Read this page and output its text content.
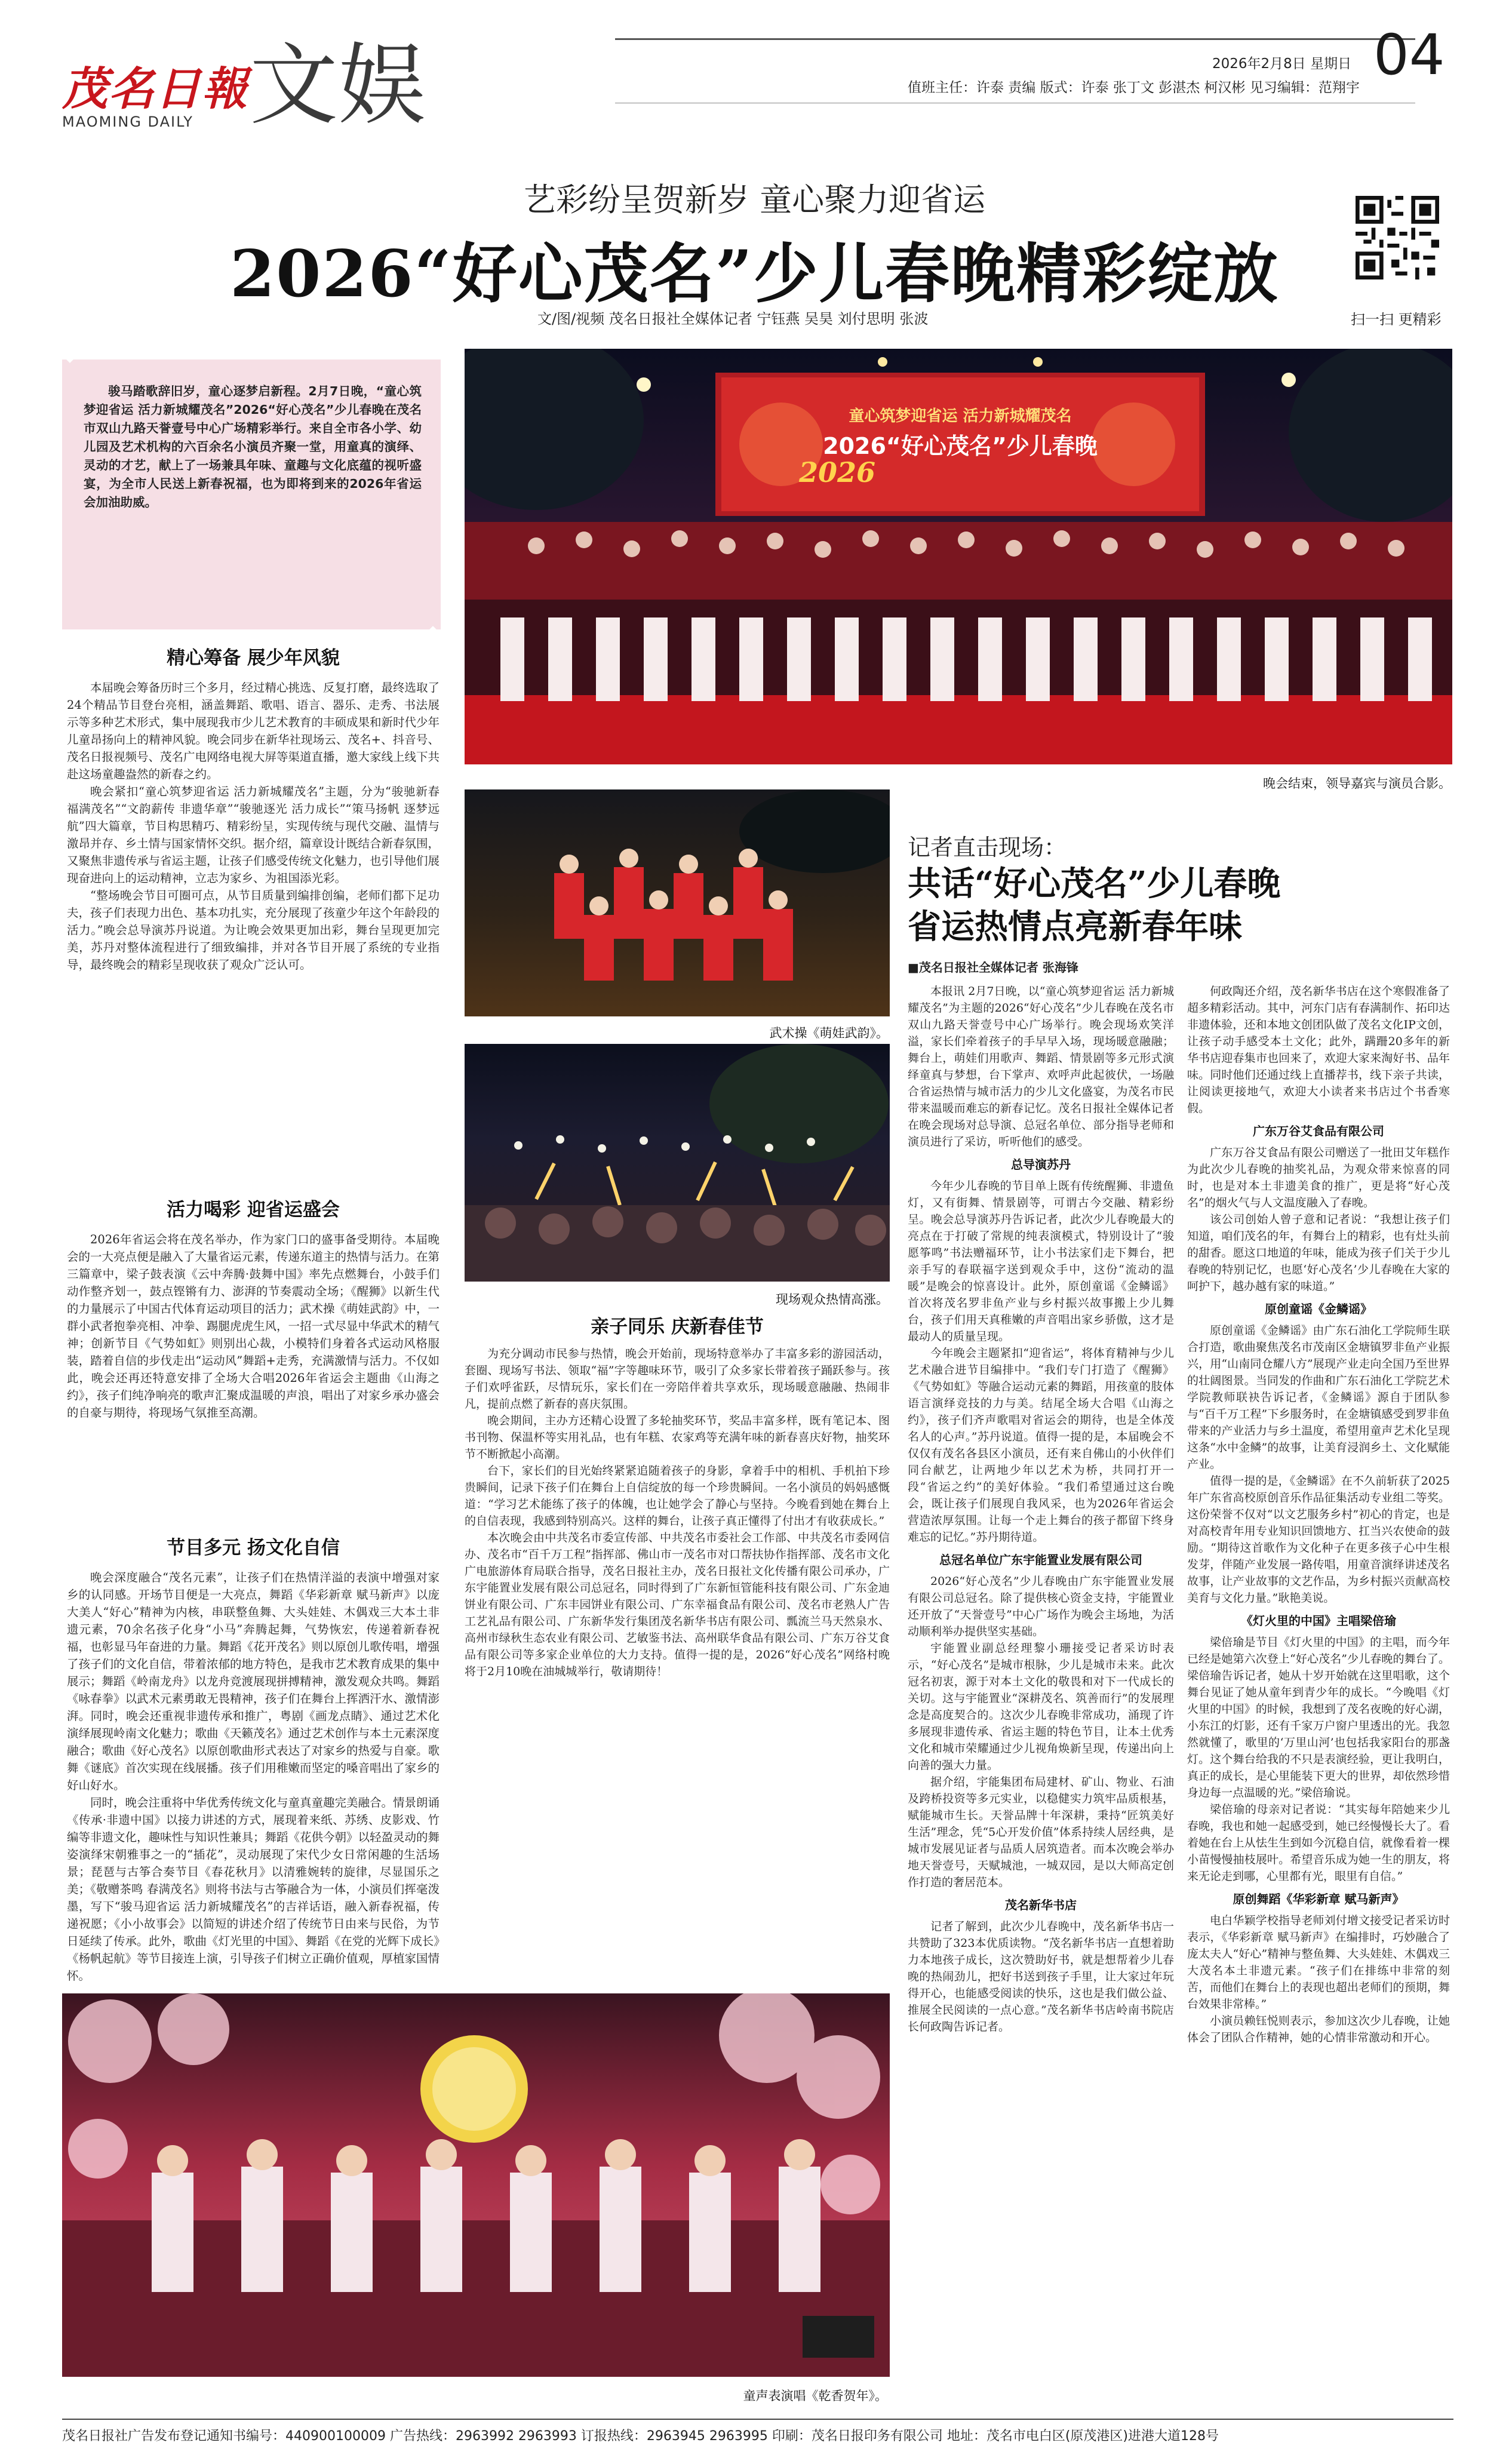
茂名日報
MAOMING DAILY 文娱	2026年2月8日 星期日 04
值班主任：许泰 责编 版式：许泰 张丁文 彭湛杰 柯汉彬 见习编辑：范翔宇
艺彩纷呈贺新岁 童心聚力迎省运
2026“好心茂名”少儿春晚精彩绽放
文/图/视频 茂名日报社全媒体记者 宁钰燕 吴昊 刘付思明 张波	扫一扫 更精彩
骏马踏歌辞旧岁，童心逐梦启新程。2月7日晚，“童心筑梦迎省运 活力新城耀茂名”2026“好心茂名”少儿春晚在茂名市双山九路天誉壹号中心广场精彩举行。来自全市各小学、幼儿园及艺术机构的六百余名小演员齐聚一堂，用童真的演绎、灵动的才艺，献上了一场兼具年味、童趣与文化底蕴的视听盛宴，为全市人民送上新春祝福，也为即将到来的2026年省运会加油助威。
精心筹备 展少年风貌

本届晚会筹备历时三个多月，经过精心挑选、反复打磨，最终选取了24个精品节目登台亮相，涵盖舞蹈、歌唱、语言、器乐、走秀、书法展示等多种艺术形式，集中展现我市少儿艺术教育的丰硕成果和新时代少年儿童昂扬向上的精神风貌。晚会同步在新华社现场云、茂名+、抖音号、茂名日报视频号、茂名广电网络电视大屏等渠道直播，邀大家线上线下共赴这场童趣盎然的新春之约。

晚会紧扣“童心筑梦迎省运 活力新城耀茂名”主题，分为“骏驰新春 福满茂名”“文韵薪传 非遗华章”“骏驰逐光 活力成长”“策马扬帆 逐梦远航”四大篇章，节目构思精巧、精彩纷呈，实现传统与现代交融、温情与激昂并存、乡土情与国家情怀交织。据介绍，篇章设计既结合新春氛围，又聚焦非遗传承与省运主题，让孩子们感受传统文化魅力，也引导他们展现奋进向上的运动精神，立志为家乡、为祖国添光彩。

“整场晚会节目可圈可点，从节目质量到编排创编，老师们都下足功夫，孩子们表现力出色、基本功扎实，充分展现了孩童少年这个年龄段的活力。”晚会总导演苏丹说道。为让晚会效果更加出彩，舞台呈现更加完美，苏丹对整体流程进行了细致编排，并对各节目开展了系统的专业指导，最终晚会的精彩呈现收获了观众广泛认可。

活力喝彩 迎省运盛会

2026年省运会将在茂名举办，作为家门口的盛事备受期待。本届晚会的一大亮点便是融入了大量省运元素，传递东道主的热情与活力。在第三篇章中，梁子鼓表演《云中奔腾·鼓舞中国》率先点燃舞台，小鼓手们动作整齐划一，鼓点铿锵有力、澎湃的节奏震动全场；《醒狮》以新生代的力量展示了中国古代体育运动项目的活力；武术操《萌娃武韵》中，一群小武者抱拳亮相、冲拳、踢腿虎虎生风，一招一式尽显中华武术的精气神；创新节目《气势如虹》则别出心裁，小模特们身着各式运动风格服装，踏着自信的步伐走出“运动风”舞蹈+走秀，充满激情与活力。不仅如此，晚会还再还特意安排了全场大合唱2026年省运会主题曲《山海之约》，孩子们纯净响亮的歌声汇聚成温暖的声浪，唱出了对家乡承办盛会的自豪与期待，将现场气氛推至高潮。

节目多元 扬文化自信

晚会深度融合“茂名元素”，让孩子们在热情洋溢的表演中增强对家乡的认同感。开场节目便是一大亮点，舞蹈《华彩新章 赋马新声》以庞大美人“好心”精神为内核，串联整鱼舞、大头娃娃、木偶戏三大本土非遗元素，70余名孩子化身“小马”奔腾起舞，气势恢宏，传递着新春祝福，也彰显马年奋进的力量。舞蹈《花开茂名》则以原创儿歌传唱，增强了孩子们的文化自信，带着浓郁的地方特色，是我市艺术教育成果的集中展示；舞蹈《岭南龙舟》以龙舟竞渡展现拼搏精神，激发观众共鸣。舞蹈《咏春拳》以武术元素勇敢无畏精神，孩子们在舞台上挥洒汗水、激情澎湃。同时，晚会还重视非遗传承和推广，粤剧《画龙点睛》、通过艺术化演绎展现岭南文化魅力；歌曲《天籁茂名》通过艺术创作与本土元素深度融合；歌曲《好心茂名》以原创歌曲形式表达了对家乡的热爱与自豪。歌舞《谜底》首次实现在线展播。孩子们用稚嫩而坚定的嗓音唱出了家乡的好山好水。

同时，晚会注重将中华优秀传统文化与童真童趣完美融合。情景朗诵《传承·非遗中国》以接力讲述的方式，展现着来纸、苏绣、皮影戏、竹编等非遗文化，趣味性与知识性兼具；舞蹈《花供今朝》以轻盈灵动的舞姿演绎宋朝雅事之一的“插花”，灵动展现了宋代少女日常闲趣的生活场景；琵琶与古筝合奏节目《春花秋月》以清雅婉转的旋律，尽显国乐之美；《敬赠茶鸣 春满茂名》则将书法与古筝融合为一体，小演员们挥毫泼墨，写下“骏马迎省运 活力新城耀茂名”的吉祥话语，融入新春祝福，传递祝愿；《小小故事会》以简短的讲述介绍了传统节日由来与民俗，为节日延续了传承。此外，歌曲《灯光里的中国》、舞蹈《在党的光辉下成长》《杨帆起航》等节目接连上演，引导孩子们树立正确价值观，厚植家国情怀。

童心筑梦迎省运 活力新城耀茂名
2026“好心茂名”少儿春晚
2026
晚会结束，领导嘉宾与演员合影。
武术操《萌娃武韵》。
现场观众热情高涨。
记者直击现场：
共话“好心茂名”少儿春晚
省运热情点亮新春年味
■茂名日报社全媒体记者 张海锋

本报讯 2月7日晚，以“童心筑梦迎省运 活力新城耀茂名”为主题的2026“好心茂名”少儿春晚在茂名市双山九路天誉壹号中心广场举行。晚会现场欢笑洋溢，家长们牵着孩子的手早早入场，现场暖意融融；舞台上，萌娃们用歌声、舞蹈、情景剧等多元形式演绎童真与梦想，台下掌声、欢呼声此起彼伏，一场融合省运热情与城市活力的少儿文化盛宴，为茂名市民带来温暖而难忘的新春记忆。茂名日报社全媒体记者在晚会现场对总导演、总冠名单位、部分指导老师和演员进行了采访，听听他们的感受。

总导演苏丹

今年少儿春晚的节目单上既有传统醒狮、非遗鱼灯，又有街舞、情景剧等，可谓古今交融、精彩纷呈。晚会总导演苏丹告诉记者，此次少儿春晚最大的亮点在于打破了常规的纯表演模式，特别设计了“骏愿筝鸣”书法赠福环节，让小书法家们走下舞台，把亲手写的春联福字送到观众手中，这份“流动的温暖”是晚会的惊喜设计。此外，原创童谣《金鳞谣》首次将茂名罗非鱼产业与乡村振兴故事搬上少儿舞台，孩子们用天真稚嫩的声音唱出家乡骄傲，这才是最动人的质量呈现。

今年晚会主题紧扣“迎省运”，将体育精神与少儿艺术融合进节目编排中。“我们专门打造了《醒狮》《气势如虹》等融合运动元素的舞蹈，用孩童的肢体语言演绎竞技的力与美。结尾全场大合唱《山海之约》，孩子们齐声歌唱对省运会的期待，也是全体茂名人的心声。”苏丹说道。值得一提的是，本届晚会不仅仅有茂名各县区小演员，还有来自佛山的小伙伴们同台献艺，让两地少年以艺术为桥，共同打开一段“省运之约”的美好体验。“我们希望通过这台晚会，既让孩子们展现自我风采，也为2026年省运会营造浓厚氛围。让每一个走上舞台的孩子都留下终身难忘的记忆。”苏丹期待道。

总冠名单位广东宇能置业发展有限公司

2026“好心茂名”少儿春晚由广东宇能置业发展有限公司总冠名。除了提供核心资金支持，宇能置业还开放了“天誉壹号”中心广场作为晚会主场地，为活动顺利举办提供坚实基础。

宇能置业副总经理黎小珊接受记者采访时表示，“好心茂名”是城市根脉，少儿是城市未来。此次冠名初衷，源于对本土文化的敬畏和对下一代成长的关切。这与宇能置业“深耕茂名、筑善而行”的发展理念是高度契合的。这次少儿春晚非常成功，涌现了许多展现非遗传承、省运主题的特色节目，让本土优秀文化和城市荣耀通过少儿视角焕新呈现，传递出向上向善的强大力量。

据介绍，宇能集团布局建材、矿山、物业、石油及跨桥投资等多元实业，以稳健实力筑牢品质根基，赋能城市生长。天誉品牌十年深耕，秉持“匠筑美好生活”理念，凭“5心开发价值”体系持续人居经典，是城市发展见证者与品质人居筑造者。而本次晚会举办地天誉壹号，天赋城池，一城双园，是以大师高定创作打造的奢居范本。

茂名新华书店

记者了解到，此次少儿春晚中，茂名新华书店一共赞助了323本优质读物。“茂名新华书店一直想着助力本地孩子成长，这次赞助好书，就是想帮着少儿春晚的热闹劲儿，把好书送到孩子手里，让大家过年玩得开心，也能感受阅读的快乐，这也是我们做公益、推展全民阅读的一点心意。”茂名新华书店岭南书院店长何政陶告诉记者。

何政陶还介绍，茂名新华书店在这个寒假准备了超多精彩活动。其中，河东门店有春满制作、拓印达非遗体验，还和本地文创团队做了茂名文化IP文创，让孩子动手感受本土文化；此外，蹒跚20多年的新华书店迎春集市也回来了，欢迎大家来淘好书、品年味。同时他们还通过线上直播荐书，线下亲子共读，让阅读更接地气，欢迎大小读者来书店过个书香寒假。

广东万谷艾食品有限公司

广东万谷艾食品有限公司赠送了一批田艾年糕作为此次少儿春晚的抽奖礼品，为观众带来惊喜的同时，也是对本土非遗美食的推广，更是将“好心茂名”的烟火气与人文温度融入了春晚。

该公司创始人曾子意和记者说：“我想让孩子们知道，咱们茂名的年，有舞台上的精彩，也有灶头前的甜香。愿这口地道的年味，能成为孩子们关于少儿春晚的特别记忆，也愿‘好心茂名’少儿春晚在大家的呵护下，越办越有家的味道。”

原创童谣《金鳞谣》

原创童谣《金鳞谣》由广东石油化工学院师生联合打造，歌曲聚焦茂名市茂南区金塘镇罗非鱼产业振兴，用“山南同仓耀八方”展现产业走向全国乃至世界的壮阔图景。当同发的作曲和广东石油化工学院艺术学院教师联袂告诉记者，《金鳞谣》源自于团队参与“百千万工程”下乡服务时，在金塘镇感受到罗非鱼带来的产业活力与乡土温度，希望用童声艺术化呈现这条“水中金鳞”的故事，让美育浸润乡土、文化赋能产业。

值得一提的是，《金鳞谣》在不久前斩获了2025年广东省高校原创音乐作品征集活动专业组二等奖。这份荣誉不仅对“以文艺服务乡村”初心的肯定，也是对高校青年用专业知识回馈地方、扛当兴农使命的鼓励。“期待这首歌作为文化种子在更多孩子心中生根发芽，伴随产业发展一路传唱，用童音演绎讲述茂名故事，让产业故事的文艺作品，为乡村振兴贡献高校美育与文化力量。”耿艳美说。

《灯火里的中国》主唱梁倍瑜

梁倍瑜是节目《灯火里的中国》的主唱，而今年已经是她第六次登上“好心茂名”少儿春晚的舞台了。梁倍瑜告诉记者，她从十岁开始就在这里唱歌，这个舞台见证了她从童年到青少年的成长。“今晚唱《灯火里的中国》的时候，我想到了茂名夜晚的好心湖，小东江的灯影，还有千家万户窗户里透出的光。我忽然就懂了，歌里的‘万里山河’也包括我家阳台的那盏灯。这个舞台给我的不只是表演经验，更让我明白，真正的成长，是心里能装下更大的世界，却依然珍惜身边每一点温暖的光。”梁倍瑜说。

梁倍瑜的母亲对记者说：“其实每年陪她来少儿春晚，我也和她一起感受到，她已经慢慢长大了。看着她在台上从怯生生到如今沉稳自信，就像看着一棵小苗慢慢抽枝展叶。希望音乐成为她一生的朋友，将来无论走到哪，心里都有光，眼里有自信。”

原创舞蹈《华彩新章 赋马新声》

电白华颖学校指导老师刘付增文接受记者采访时表示，《华彩新章 赋马新声》在编排时，巧妙融合了庞太夫人“好心”精神与整鱼舞、大头娃娃、木偶戏三大茂名本土非遗元素。“孩子们在排练中非常的刻苦，而他们在舞台上的表现也超出老师们的预期，舞台效果非常棒。”

小演员赖钰悦则表示，参加这次少儿春晚，让她体会了团队合作精神，她的心情非常激动和开心。

亲子同乐 庆新春佳节

为充分调动市民参与热情，晚会开始前，现场特意举办了丰富多彩的游园活动，套圈、现场写书法、领取“福”字等趣味环节，吸引了众多家长带着孩子踊跃参与。孩子们欢呼雀跃，尽情玩乐，家长们在一旁陪伴着共享欢乐，现场暖意融融、热闹非凡，提前点燃了新春的喜庆氛围。

晚会期间，主办方还精心设置了多轮抽奖环节，奖品丰富多样，既有笔记本、图书刊物、保温杯等实用礼品，也有年糕、农家鸡等充满年味的新春喜庆好物，抽奖环节不断掀起小高潮。

台下，家长们的目光始终紧紧追随着孩子的身影，拿着手中的相机、手机拍下珍贵瞬间，记录下孩子们在舞台上自信绽放的每一个珍贵瞬间。一名小演员的妈妈感慨道：“学习艺术能练了孩子的体魄，也让她学会了静心与坚持。今晚看到她在舞台上的自信表现，我感到特别高兴。这样的舞台，让孩子真正懂得了付出才有收获成长。”

本次晚会由中共茂名市委宣传部、中共茂名市委社会工作部、中共茂名市委网信办、茂名市“百千万工程”指挥部、佛山市一茂名市对口帮扶协作指挥部、茂名市文化广电旅游体育局联合指导，茂名日报社主办，茂名日报社文化传播有限公司承办，广东宇能置业发展有限公司总冠名，同时得到了广东新恒管能科技有限公司、广东金迪饼业有限公司、广东丰园饼业有限公司、广东幸福食品有限公司、茂名市老熟人广告工艺礼品有限公司、广东新华发行集团茂名新华书店有限公司、瓢流兰马天然泉水、高州市绿秋生态农业有限公司、艺敏鉴书法、高州联华食品有限公司、广东万谷艾食品有限公司等多家企业单位的大力支持。值得一提的是，2026“好心茂名”网络村晚将于2月10晚在油城城举行，敬请期待！

童声表演唱《乾香贺年》。
茂名日报社广告发布登记通知书编号：440900100009 广告热线：2963992 2963993 订报热线：2963945 2963995 印刷：茂名日报印务有限公司 地址：茂名市电白区(原茂港区)进港大道128号
